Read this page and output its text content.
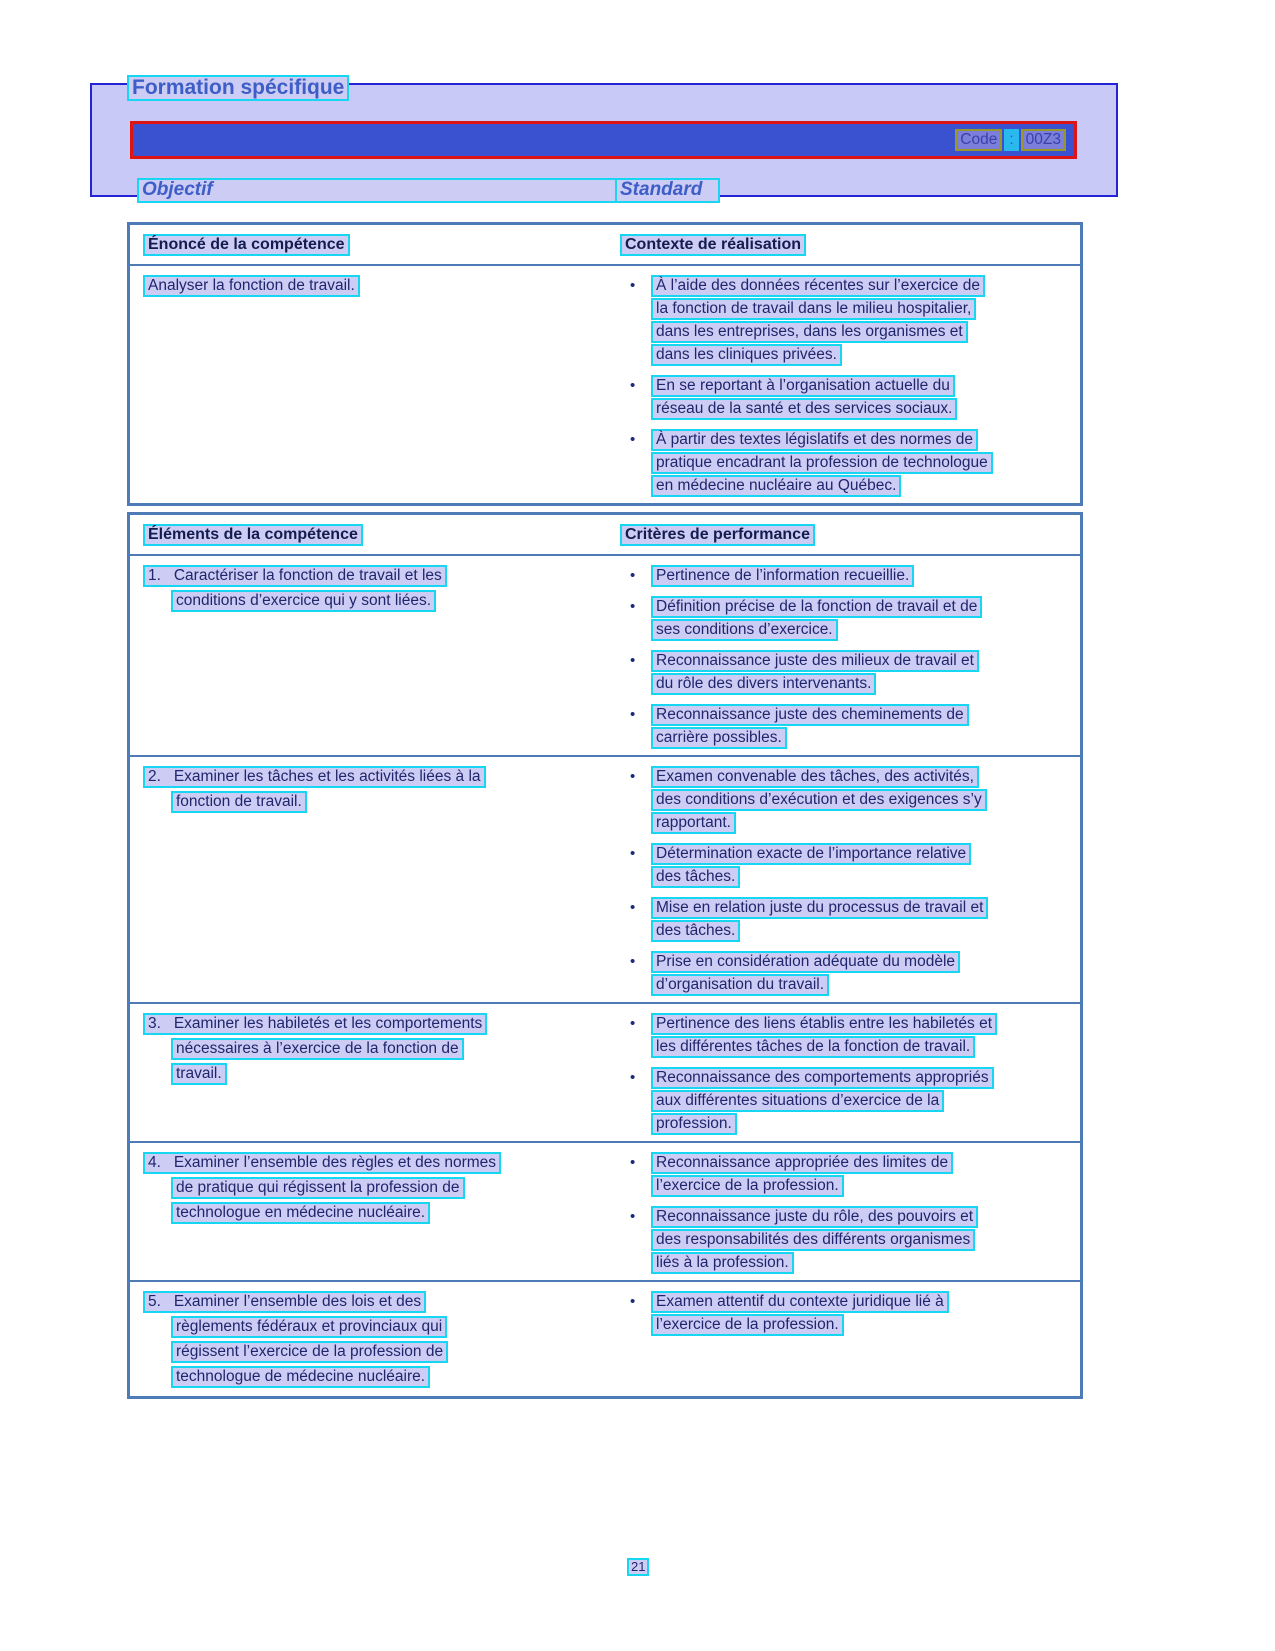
Formation spécifique
Code : 00Z3
Objectif	Standard
Énoncé de la compétence	Contexte de réalisation
Analyser la fonction de travail.	•	À l’aide des données récentes sur l’exercice de
la fonction de travail dans le milieu hospitalier,
dans les entreprises, dans les organismes et
dans les cliniques privées.
•	En se reportant à l’organisation actuelle du
réseau de la santé et des services sociaux.
•	À partir des textes législatifs et des normes de
pratique encadrant la profession de technologue
en médecine nucléaire au Québec.
Éléments de la compétence	Critères de performance
1.   Caractériser la fonction de travail et les
conditions d’exercice qui y sont liées.
•	Pertinence de l’information recueillie.
•	Définition précise de la fonction de travail et de
ses conditions d’exercice.
•	Reconnaissance juste des milieux de travail et
du rôle des divers intervenants.
•	Reconnaissance juste des cheminements de
carrière possibles.
2.   Examiner les tâches et les activités liées à la
fonction de travail.
•	Examen convenable des tâches, des activités,
des conditions d’exécution et des exigences s’y
rapportant.
•	Détermination exacte de l’importance relative
des tâches.
•	Mise en relation juste du processus de travail et
des tâches.
•	Prise en considération adéquate du modèle
d’organisation du travail.
3.   Examiner les habiletés et les comportements
nécessaires à l’exercice de la fonction de
travail.
•	Pertinence des liens établis entre les habiletés et
les différentes tâches de la fonction de travail.
•	Reconnaissance des comportements appropriés
aux différentes situations d’exercice de la
profession.
4.   Examiner l’ensemble des règles et des normes
de pratique qui régissent la profession de
technologue en médecine nucléaire.
•	Reconnaissance appropriée des limites de
l’exercice de la profession.
•	Reconnaissance juste du rôle, des pouvoirs et
des responsabilités des différents organismes
liés à la profession.
5.   Examiner l’ensemble des lois et des
règlements fédéraux et provinciaux qui
régissent l’exercice de la profession de
technologue de médecine nucléaire.
•	Examen attentif du contexte juridique lié à
l’exercice de la profession.
21
